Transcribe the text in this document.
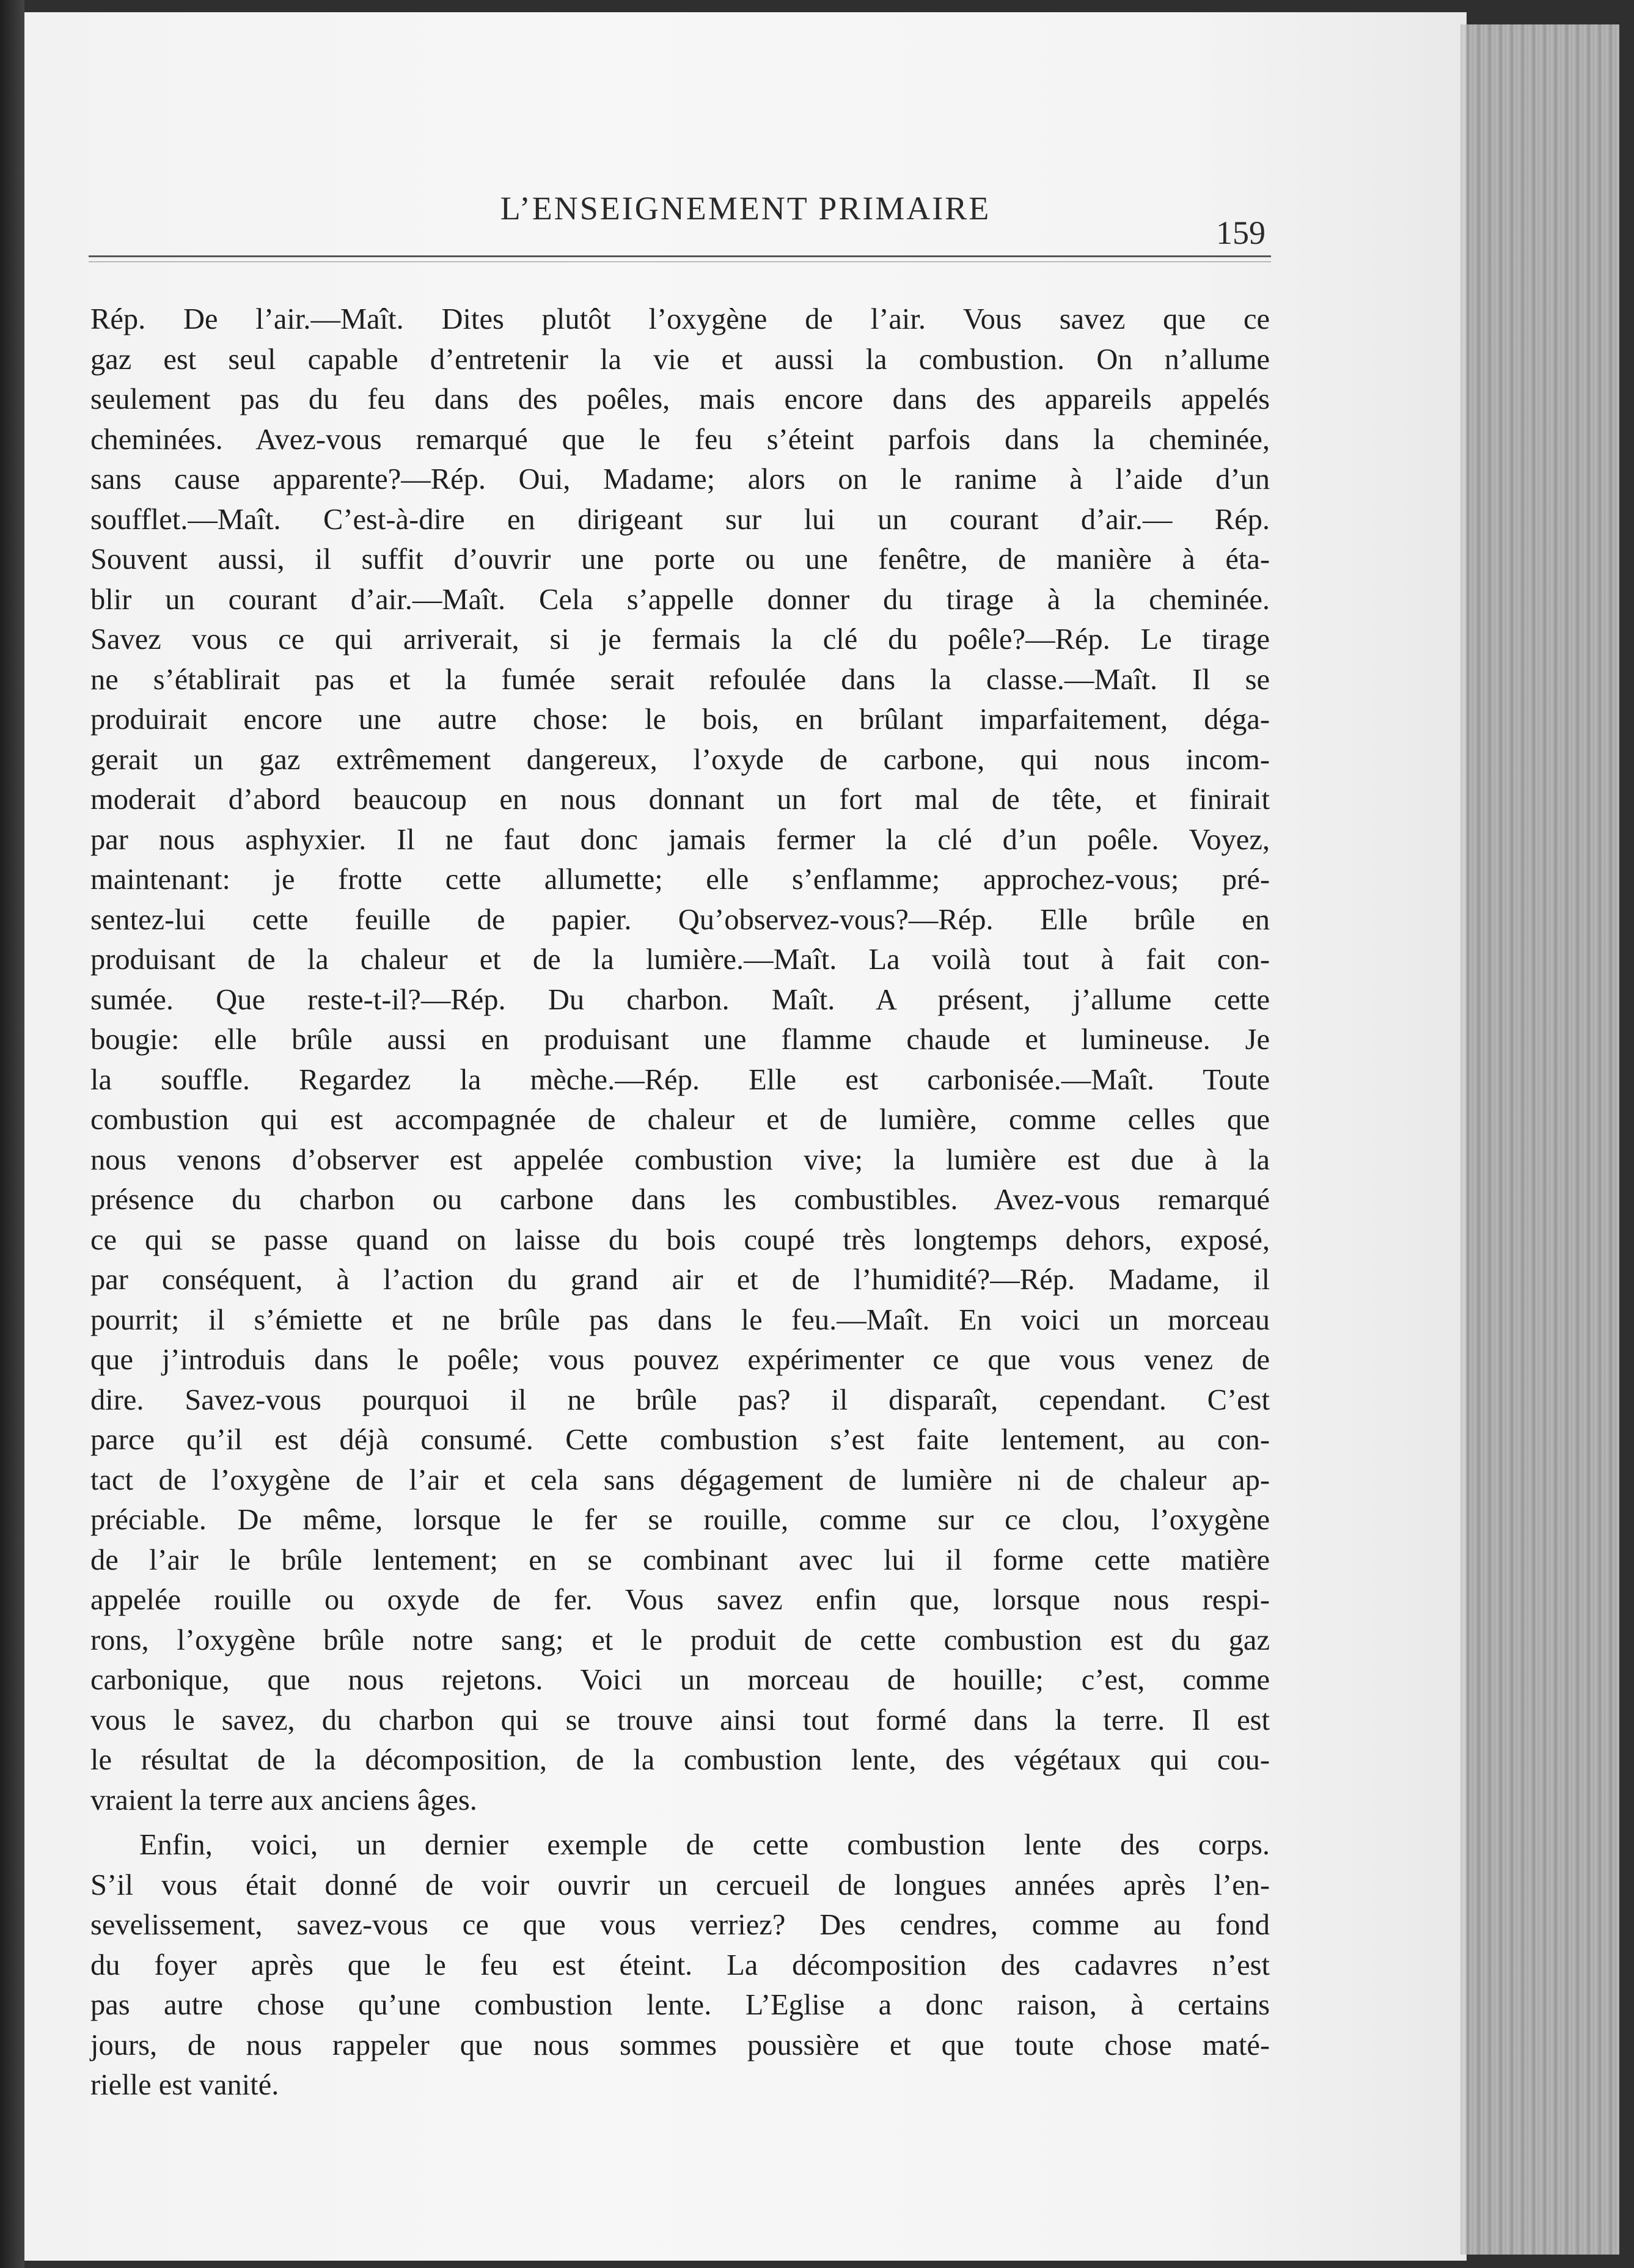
L’ENSEIGNEMENT PRIMAIRE
159
Rép. De l’air.—Maît. Dites plutôt l’oxygène de l’air. Vous savez que ce
gaz est seul capable d’entretenir la vie et aussi la combustion. On n’allume
seulement pas du feu dans des poêles, mais encore dans des appareils appelés
cheminées. Avez-vous remarqué que le feu s’éteint parfois dans la cheminée,
sans cause apparente?—Rép. Oui, Madame; alors on le ranime à l’aide d’un
soufflet.—Maît. C’est-à-dire en dirigeant sur lui un courant d’air.— Rép.
Souvent aussi, il suffit d’ouvrir une porte ou une fenêtre, de manière à éta-
blir un courant d’air.—Maît. Cela s’appelle donner du tirage à la cheminée.
Savez vous ce qui arriverait, si je fermais la clé du poêle?—Rép. Le tirage
ne s’établirait pas et la fumée serait refoulée dans la classe.—Maît. Il se
produirait encore une autre chose: le bois, en brûlant imparfaitement, déga-
gerait un gaz extrêmement dangereux, l’oxyde de carbone, qui nous incom-
moderait d’abord beaucoup en nous donnant un fort mal de tête, et finirait
par nous asphyxier. Il ne faut donc jamais fermer la clé d’un poêle. Voyez,
maintenant: je frotte cette allumette; elle s’enflamme; approchez-vous; pré-
sentez-lui cette feuille de papier. Qu’observez-vous?—Rép. Elle brûle en
produisant de la chaleur et de la lumière.—Maît. La voilà tout à fait con-
sumée. Que reste-t-il?—Rép. Du charbon. Maît. A présent, j’allume cette
bougie: elle brûle aussi en produisant une flamme chaude et lumineuse. Je
la souffle. Regardez la mèche.—Rép. Elle est carbonisée.—Maît. Toute
combustion qui est accompagnée de chaleur et de lumière, comme celles que
nous venons d’observer est appelée combustion vive; la lumière est due à la
présence du charbon ou carbone dans les combustibles. Avez-vous remarqué
ce qui se passe quand on laisse du bois coupé très longtemps dehors, exposé,
par conséquent, à l’action du grand air et de l’humidité?—Rép. Madame, il
pourrit; il s’émiette et ne brûle pas dans le feu.—Maît. En voici un morceau
que j’introduis dans le poêle; vous pouvez expérimenter ce que vous venez de
dire. Savez-vous pourquoi il ne brûle pas? il disparaît, cependant. C’est
parce qu’il est déjà consumé. Cette combustion s’est faite lentement, au con-
tact de l’oxygène de l’air et cela sans dégagement de lumière ni de chaleur ap-
préciable. De même, lorsque le fer se rouille, comme sur ce clou, l’oxygène
de l’air le brûle lentement; en se combinant avec lui il forme cette matière
appelée rouille ou oxyde de fer. Vous savez enfin que, lorsque nous respi-
rons, l’oxygène brûle notre sang; et le produit de cette combustion est du gaz
carbonique, que nous rejetons. Voici un morceau de houille; c’est, comme
vous le savez, du charbon qui se trouve ainsi tout formé dans la terre. Il est
le résultat de la décomposition, de la combustion lente, des végétaux qui cou-
vraient la terre aux anciens âges.
Enfin, voici, un dernier exemple de cette combustion lente des corps.
S’il vous était donné de voir ouvrir un cercueil de longues années après l’en-
sevelissement, savez-vous ce que vous verriez? Des cendres, comme au fond
du foyer après que le feu est éteint. La décomposition des cadavres n’est
pas autre chose qu’une combustion lente. L’Eglise a donc raison, à certains
jours, de nous rappeler que nous sommes poussière et que toute chose maté-
rielle est vanité.
